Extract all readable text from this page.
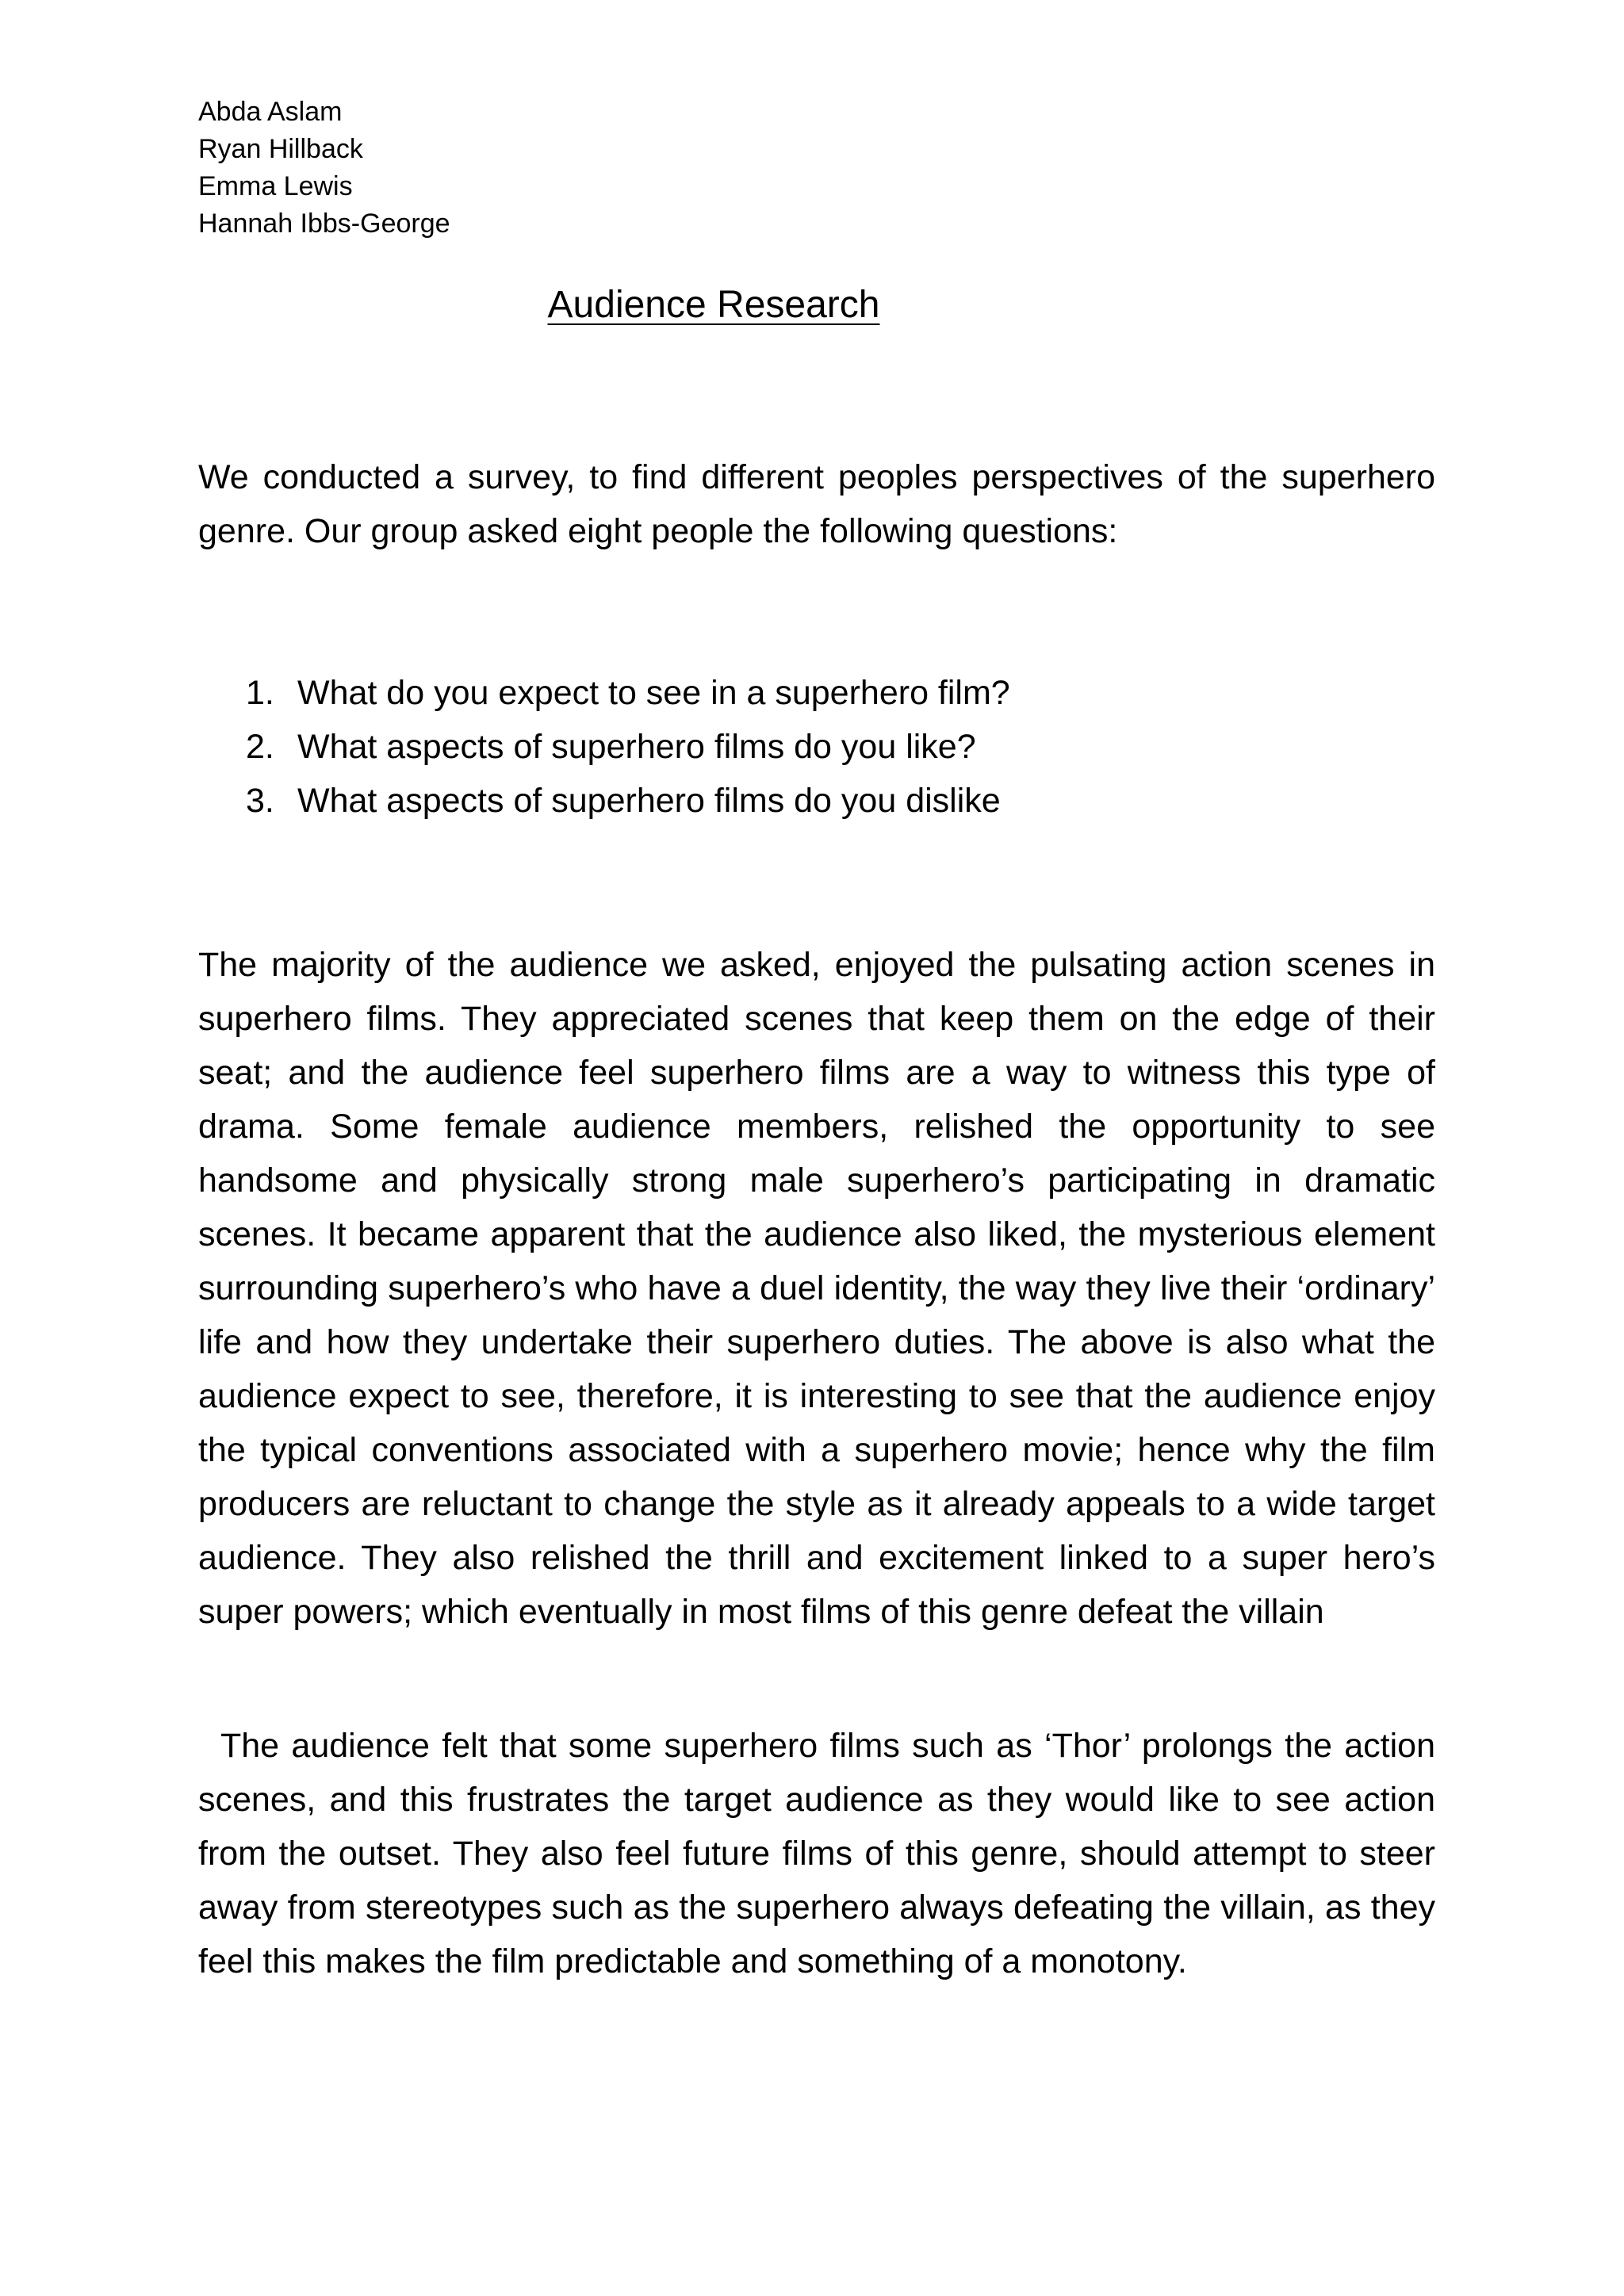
Abda Aslam
Ryan Hillback
Emma Lewis
Hannah Ibbs-George
Audience Research

We conducted a survey, to find different peoples perspectives of the superhero genre. Our group asked eight people the following questions:

1. What do you expect to see in a superhero film?
2. What aspects of superhero films do you like?
3. What aspects of superhero films do you dislike

The majority of the audience we asked, enjoyed the pulsating action scenes in superhero films. They appreciated scenes that keep them on the edge of their seat; and the audience feel superhero films are a way to witness this type of drama. Some female audience members, relished the opportunity to see handsome and physically strong male superhero’s participating in dramatic scenes. It became apparent that the audience also liked, the mysterious element surrounding superhero’s who have a duel identity, the way they live their ‘ordinary’ life and how they undertake their superhero duties. The above is also what the audience expect to see, therefore, it is interesting to see that the audience enjoy the typical conventions associated with a superhero movie; hence why the film producers are reluctant to change the style as it already appeals to a wide target audience. They also relished the thrill and excitement linked to a super hero’s super powers; which eventually in most films of this genre defeat the villain

The audience felt that some superhero films such as ‘Thor’ prolongs the action scenes, and this frustrates the target audience as they would like to see action from the outset. They also feel future films of this genre, should attempt to steer away from stereotypes such as the superhero always defeating the villain, as they feel this makes the film predictable and something of a monotony.
